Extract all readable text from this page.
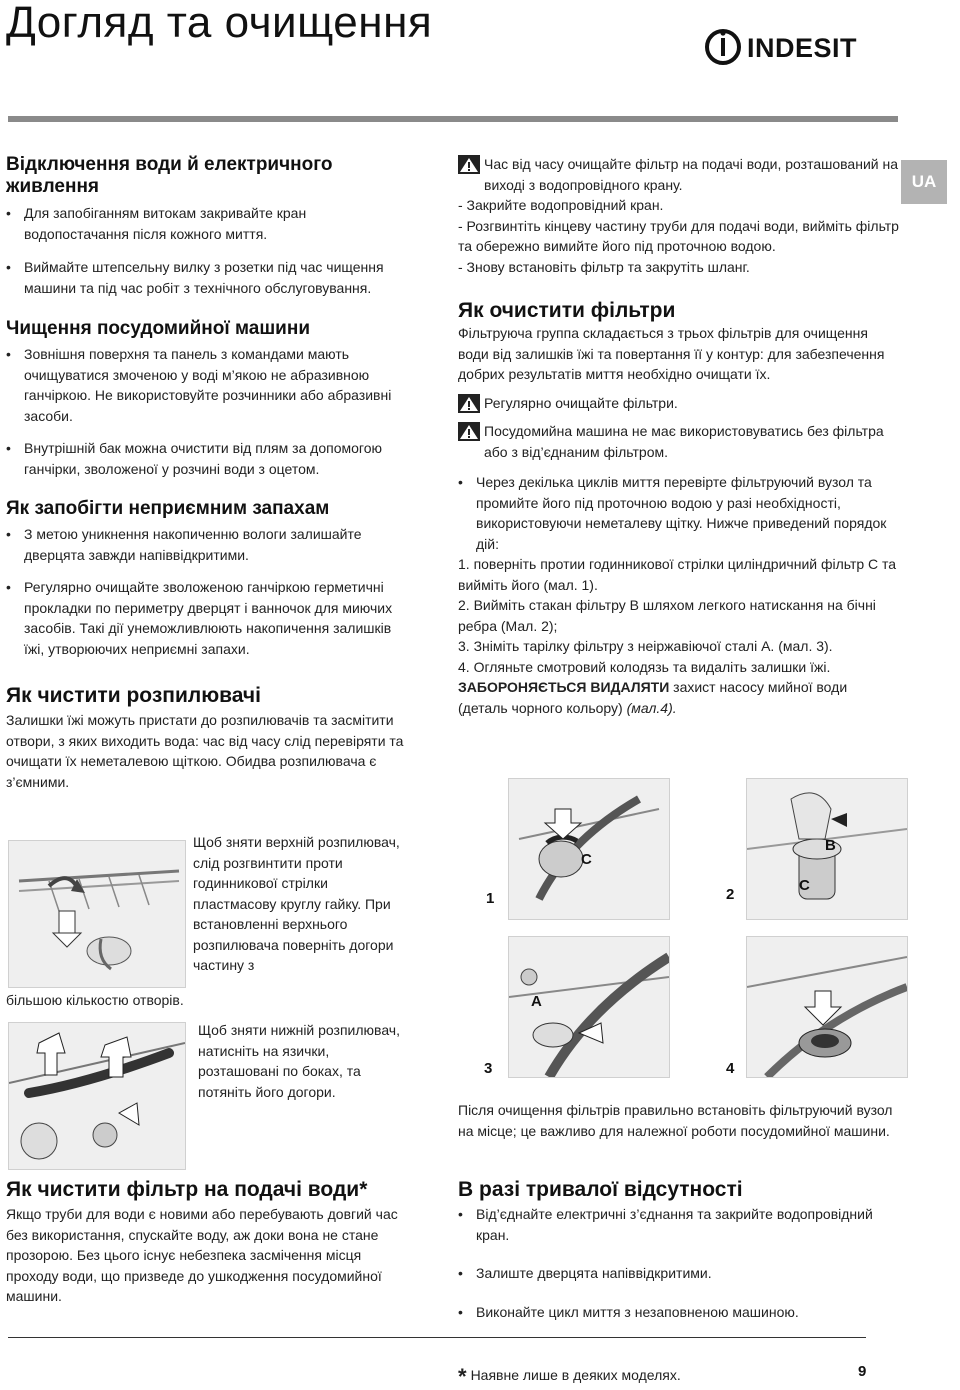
Догляд та очищення
INDESIT
UA
Відключення води й електричного живлення
• Для запобіганням витокам закривайте кран водопостачання після кожного миття.
• Виймайте штепсельну вилку з розетки під час чищення машини та під час робіт з технічного обслуговування.
Чищення посудомийної машини
• Зовнішня поверхня та панель з командами мають очищуватися змоченою у воді м’якою не абразивною ганчіркою. Не використовуйте розчинники або абразивні засоби.
• Внутрішній бак можна очистити від плям за допомогою ганчірки, зволоженої у розчині води з оцетом.
Як запобігти неприємним запахам
• З метою уникнення накопиченню вологи залишайте дверцята завжди напіввідкритими.
• Регулярно очищайте зволоженою ганчіркою герметичні прокладки по периметру дверцят і ванночок для миючих засобів. Такі дії унеможливлюють накопичення залишків їжі, утворюючих неприємні запахи.
Як чистити розпилювачі

Залишки їжі можуть пристати до розпилювачів та засмітити отвори, з яких виходить вода: час від часу слід перевіряти та очищати їх неметалевою щіткою. Обидва розпилювача є з’ємними.

Щоб зняти верхній розпилювач, слід розгвинтити проти годинникової стрілки пластмасову круглу гайку. При встановленні верхнього розпилювача поверніть догори частину з
більшою кількостю отворів.
Щоб зняти нижній розпилювач, натисніть на язички, розташовані по боках, та потяніть його догори.
Як чистити фільтр на подачі води*

Якщо труби для води є новими або перебувають довгий час без використання, спускайте воду, аж доки вона не стане прозорою. Без цього існує небезпека засмічення місця проходу води, що призведе до ушкодження посудомийної машини.

Час від часу очищайте фільтр на подачі води, розташований на виході з водопровідного крану.
- Закрийте водопровідний кран.
- Розгвинтіть кінцеву частину труби для подачі води, вийміть фільтр та обережно вимийте його під проточною водою.
- Знову встановіть фільтр та закрутіть шланг.
Як очистити фільтри

Фільтруюча группа складається з трьох фільтрів для очищення води від залишків їжі та повертання її у контур: для забезпечення добрих результатів миття необхідно очищати їх.

Регулярно очищайте фільтри.
Посудомийна машина не має використовуватись без фільтра або з від’єднаним фільтром.
• Через декілька циклів миття перевірте фільтруючий вузол та промийте його під проточною водою у разі необхідності, використовуючи неметалеву щітку. Нижче приведений порядок дій:
1. поверніть протии годинникової стрілки циліндричний фільтр С та вийміть його (мал. 1).
2. Вийміть стакан фільтру В шляхом легкого натискання на бічні ребра (Мал. 2);
3. Зніміть тарілку фільтру з неіржавіючої сталі А. (мал. 3).
4. Огляньте смотровий колодязь та видаліть залишки їжі. ЗАБОРОНЯЄТЬСЯ ВИДАЛЯТИ захист насосу мийної води (деталь чорного кольору) (мал.4).
C
1
B
C
2
A
3	4

Після очищення фільтрів правильно встановіть фільтруючий вузол на місце; це важливо для належної роботи посудомийної машини.

В разі тривалої відсутності
• Від’єднайте електричні з’єднання та закрийте водопровідний кран.
• Залиште дверцята напіввідкритими.
• Виконайте цикл миття з незаповненою машиною.
* Наявне лише в деяких моделях.	9
